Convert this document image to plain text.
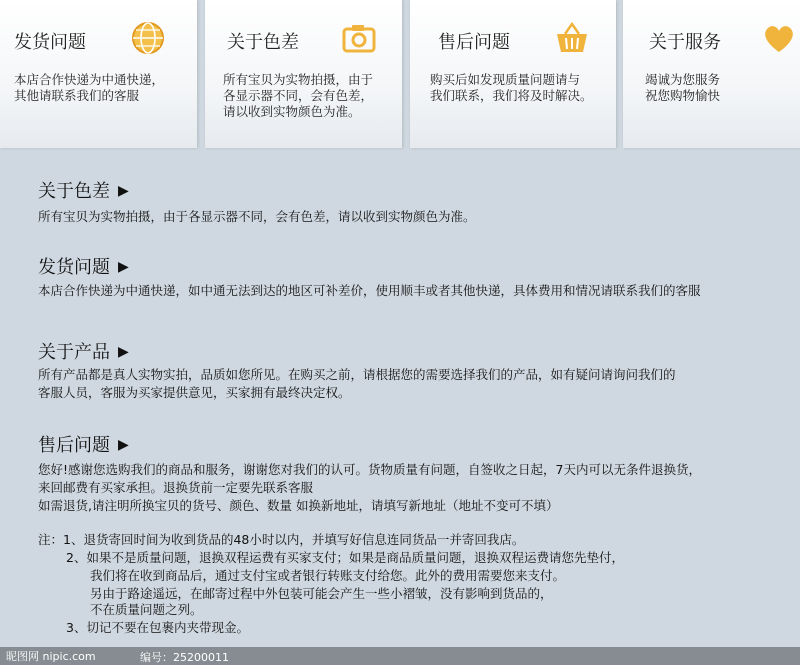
发货问题
本店合作快递为中通快递，
其他请联系我们的客服
关于色差
所有宝贝为实物拍摄，由于
各显示器不同，会有色差，
请以收到实物颜色为准。
售后问题
购买后如发现质量问题请与
我们联系，我们将及时解决。
关于服务
竭诚为您服务
祝您购物愉快
关于色差 ▶
所有宝贝为实物拍摄，由于各显示器不同，会有色差，请以收到实物颜色为准。
发货问题 ▶
本店合作快递为中通快递，如中通无法到达的地区可补差价，使用顺丰或者其他快递，具体费用和情况请联系我们的客服
关于产品 ▶
所有产品都是真人实物实拍，品质如您所见。在购买之前，请根据您的需要选择我们的产品，如有疑问请询问我们的
客服人员，客服为买家提供意见，买家拥有最终决定权。
售后问题 ▶
您好!感谢您选购我们的商品和服务，谢谢您对我们的认可。货物质量有问题，自签收之日起，7天内可以无条件退换货，
来回邮费有买家承担。退换货前一定要先联系客服
如需退货,请注明所换宝贝的货号、颜色、数量 如换新地址，请填写新地址（地址不变可不填）
注：1、退货寄回时间为收到货品的48小时以内，并填写好信息连同货品一并寄回我店。
2、如果不是质量问题，退换双程运费有买家支付；如果是商品质量问题，退换双程运费请您先垫付，
我们将在收到商品后，通过支付宝或者银行转账支付给您。此外的费用需要您来支付。
另由于路途遥远，在邮寄过程中外包装可能会产生一些小褶皱，没有影响到货品的，
不在质量问题之列。
3、切记不要在包裹内夹带现金。
昵图网 nipic.com	编号：25200011
